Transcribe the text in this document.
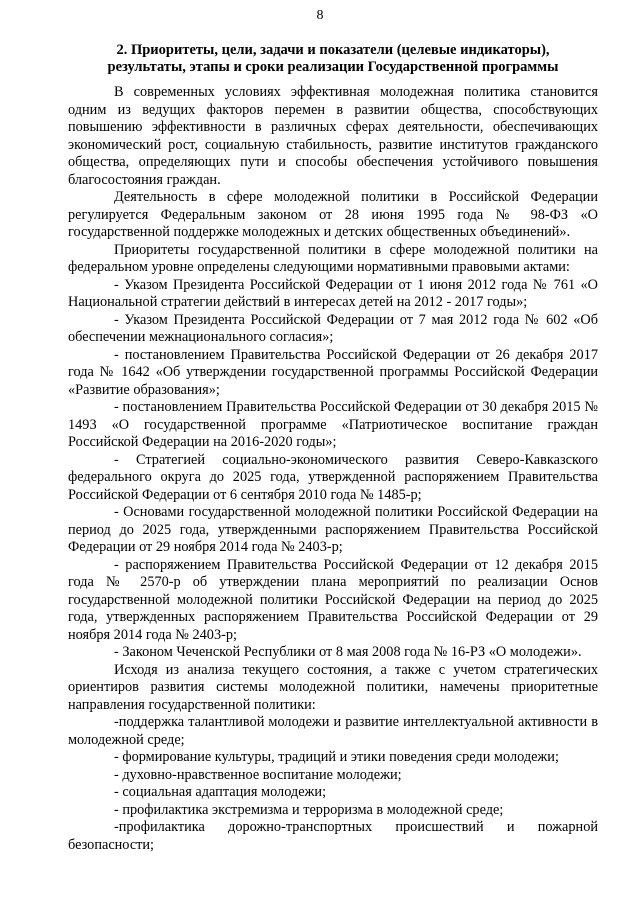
8
2. Приоритеты, цели, задачи и показатели (целевые индикаторы),
результаты, этапы и сроки реализации Государственной программы

В современных условиях эффективная молодежная политика становится одним из ведущих факторов перемен в развитии общества, способствующих повышению эффективности в различных сферах деятельности, обеспечивающих экономический рост, социальную стабильность, развитие институтов гражданского общества, определяющих пути и способы обеспечения устойчивого повышения благосостояния граждан.

Деятельность в сфере молодежной политики в Российской Федерации регулируется Федеральным законом от 28 июня 1995 года № 98-ФЗ «О государственной поддержке молодежных и детских общественных объединений».

Приоритеты государственной политики в сфере молодежной политики на федеральном уровне определены следующими нормативными правовыми актами:

- Указом Президента Российской Федерации от 1 июня 2012 года № 761 «О Национальной стратегии действий в интересах детей на 2012 - 2017 годы»;

- Указом Президента Российской Федерации от 7 мая 2012 года № 602 «Об обеспечении межнационального согласия»;

- постановлением Правительства Российской Федерации от 26 декабря 2017 года № 1642 «Об утверждении государственной программы Российской Федерации «Развитие образования»;

- постановлением Правительства Российской Федерации от 30 декабря 2015 № 1493 «О государственной программе «Патриотическое воспитание граждан Российской Федерации на 2016-2020 годы»;

- Стратегией социально-экономического развития Северо-Кавказского федерального округа до 2025 года, утвержденной распоряжением Правительства Российской Федерации от 6 сентября 2010 года № 1485-р;

- Основами государственной молодежной политики Российской Федерации на период до 2025 года, утвержденными распоряжением Правительства Российской Федерации от 29 ноября 2014 года № 2403-р;

- распоряжением Правительства Российской Федерации от 12 декабря 2015 года № 2570-р об утверждении плана мероприятий по реализации Основ государственной молодежной политики Российской Федерации на период до 2025 года, утвержденных распоряжением Правительства Российской Федерации от 29 ноября 2014 года № 2403-р;

- Законом Чеченской Республики от 8 мая 2008 года № 16-РЗ «О молодежи».

Исходя из анализа текущего состояния, а также с учетом стратегических ориентиров развития системы молодежной политики, намечены приоритетные направления государственной политики:

-поддержка талантливой молодежи и развитие интеллектуальной активности в молодежной среде;

- формирование культуры, традиций и этики поведения среди молодежи;

- духовно-нравственное воспитание молодежи;

- социальная адаптация молодежи;

- профилактика экстремизма и терроризма в молодежной среде;

-профилактика дорожно-транспортных происшествий и пожарной безопасности;
